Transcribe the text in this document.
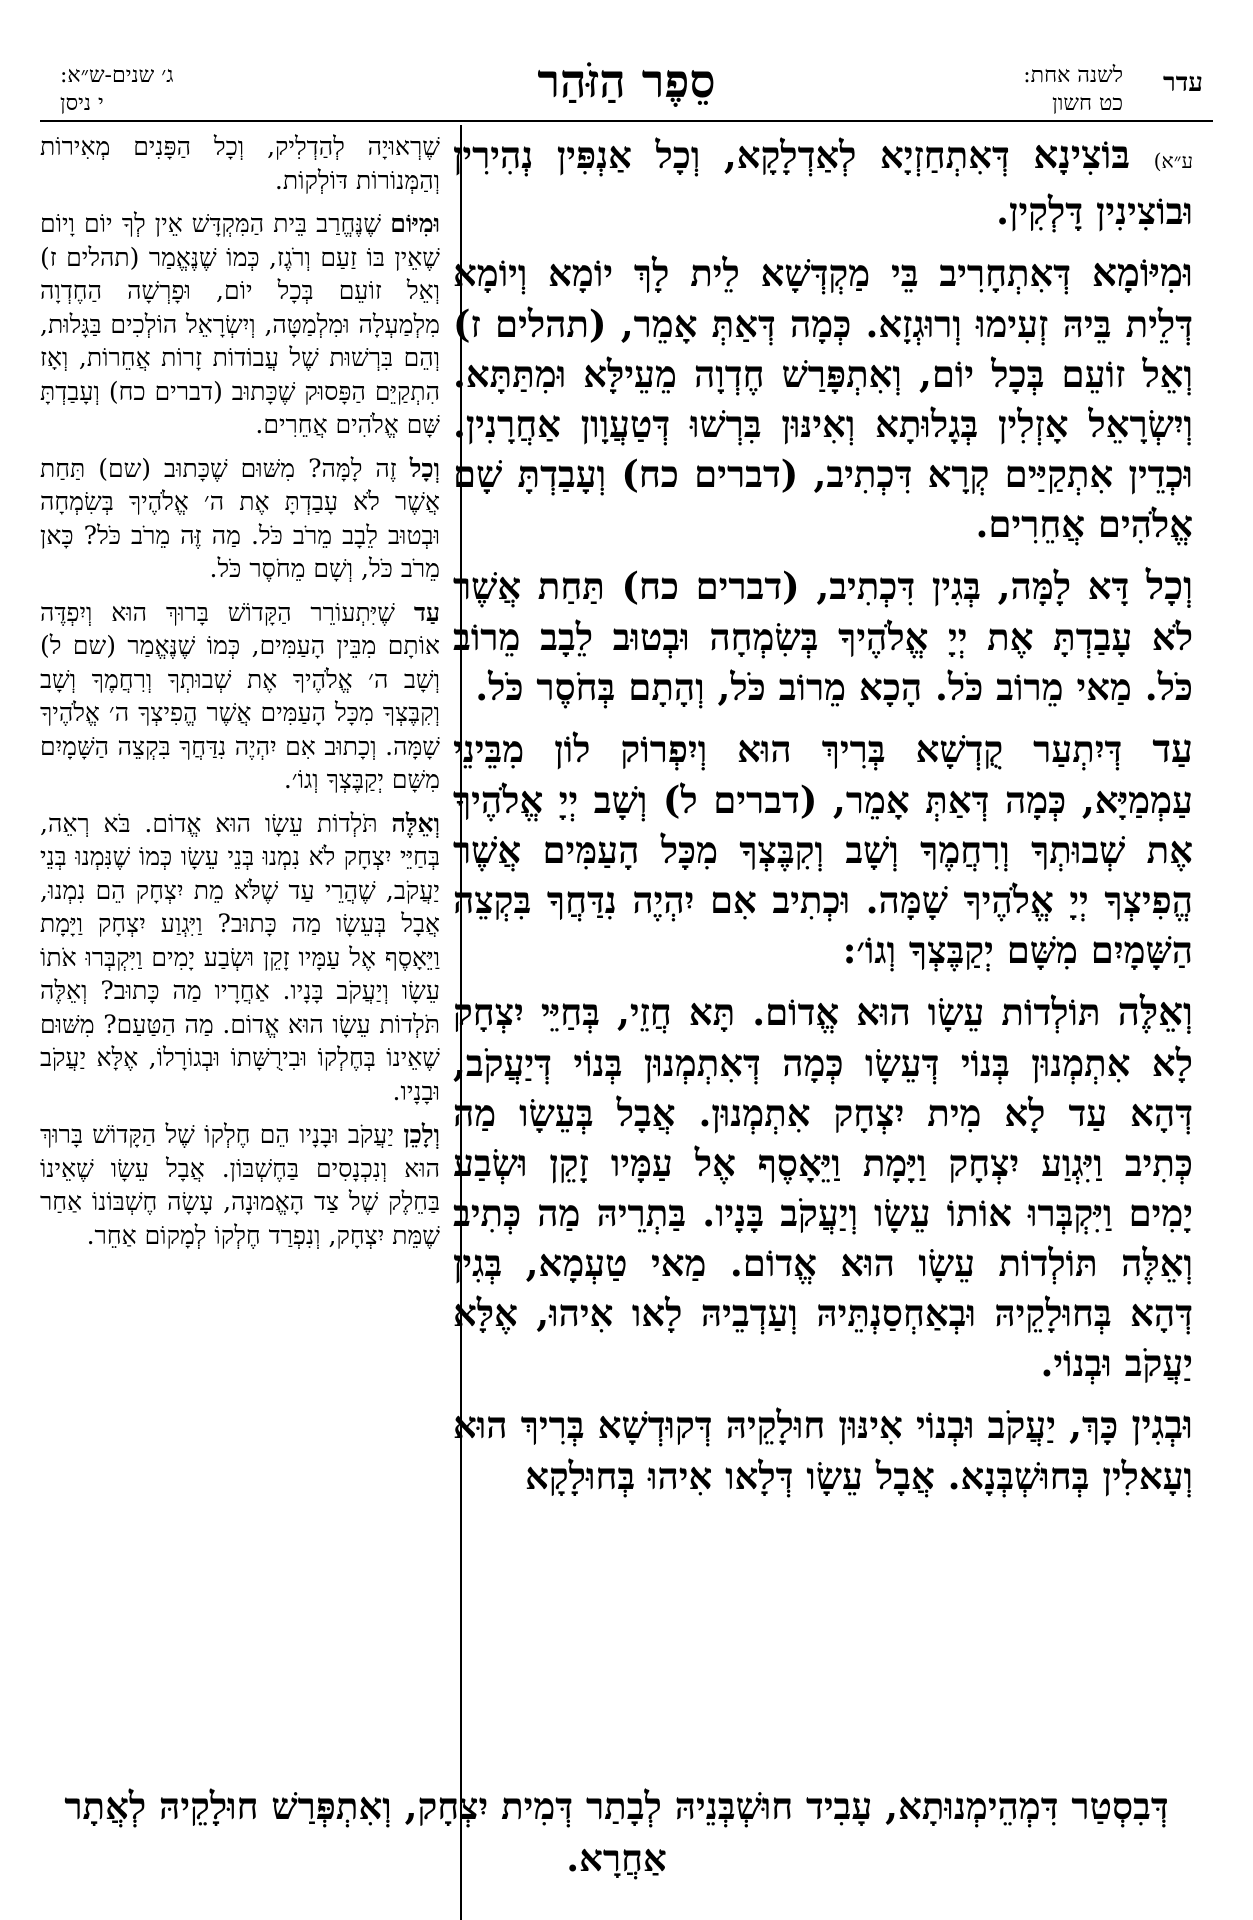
עדר
לשנה אחת:
כט חשון
סֵפֶר הַזֹּהַר
ג׳ שנים-ש״א:
י ניסן

ע״א) בּוֹצִינָא דְּאִתְחַזְיָא לְאַדְלָקָא, וְכָל אַנְפִּין נְהִירִין וּבוֹצִינִין דָּלְקִין.

וּמִיּוֹמָא דְּאִתְחָרִיב בֵּי מַקְדְּשָׁא לֵית לָךְ יוֹמָא וְיוֹמָא דְּלֵית בֵּיהּ זְעִימוּ וְרוּגְזָא. כְּמָה דְּאַתְּ אָמֵר, (תהלים ז) וְאֵל זוֹעֵם בְּכָל יוֹם, וְאִתְפָּרַשׁ חֶדְוָה מֵעֵילָּא וּמִתַּתָּא. וְיִשְׂרָאֵל אָזְלִין בְּגָלוּתָא וְאִינּוּן בִּרְשׁוּ דְּטַעֲוָון אַחֲרָנִין. וּכְדֵין אִתְקַיַּים קְרָא דִּכְתִיב, (דברים כח) וְעָבַדְתָּ שָׁם אֱלֹהִים אֲחֵרִים.

וְכָל דָּא לָמָּה, בְּגִין דִּכְתִיב, (דברים כח) תַּחַת אֲשֶׁר לֹא עָבַדְתָּ אֶת יְיָ אֱלֹהֶיךָ בְּשִׂמְחָה וּבְטוּב לֵבָב מֵרוֹב כֹּל. מַאי מֵרוֹב כֹּל. הָכָא מֵרוֹב כֹּל, וְהָתָם בְּחֹסֶר כֹּל.

עַד דְּיִתְעַר קֻדְשָׁא בְּרִיךְ הוּא וְיִפְרוֹק לוֹן מִבֵּינֵי עַמְמַיָּא, כְּמָה דְּאַתְּ אָמֵר, (דברים ל) וְשָׁב יְיָ אֱלֹהֶיךָ אֶת שְׁבוּתְךָ וְרִחֲמֶךָ וְשָׁב וְקִבֶּצְךָ מִכָּל הָעַמִּים אֲשֶׁר הֱפִיצְךָ יְיָ אֱלֹהֶיךָ שָׁמָּה. וּכְתִיב אִם יִהְיֶה נִדַּחֲךָ בִּקְצֵה הַשָּׁמָיִם מִשָּׁם יְקַבֶּצְךָ וְגוֹ׳:

וְאֵלֶּה תּוֹלְדוֹת עֵשָׂו הוּא אֱדוֹם. תָּא חֲזֵי, בְּחַיֵּי יִצְחָק לָא אִתְמְנוּן בְּנוֹי דְּעֵשָׂו כְּמָה דְּאִתְמְנוּן בְּנוֹי דְּיַעֲקֹב, דְּהָא עַד לָא מִית יִצְחָק אִתְמְנוּן. אֲבָל בְּעֵשָׂו מַה כְּתִיב וַיִּגְוַע יִצְחָק וַיָּמָת וַיֵּאָסֶף אֶל עַמָּיו זָקֵן וּשְׂבַע יָמִים וַיִּקְבְּרוּ אוֹתוֹ עֵשָׂו וְיַעֲקֹב בָּנָיו. בַּתְרֵיהּ מַה כְּתִיב וְאֵלֶּה תּוֹלְדוֹת עֵשָׂו הוּא אֱדוֹם. מַאי טַעְמָא, בְּגִין דְּהָא בְּחוּלָקֵיהּ וּבְאַחְסַנְתֵּיהּ וְעַדְבֵיהּ לָאו אִיהוּ, אֶלָּא יַעֲקֹב וּבְנוֹי.

וּבְגִין כָּךְ, יַעֲקֹב וּבְנוֹי אִינּוּן חוּלָקֵיהּ דְּקוּדְשָׁא בְּרִיךְ הוּא וְעָאלִין בְּחוּשְׁבְּנָא. אֲבָל עֵשָׂו דְּלָאו אִיהוּ בְּחוּלָקָא

שֶׁרְאוּיָה לְהַדְלִיק, וְכָל הַפָּנִים מְאִירוֹת וְהַמְּנוֹרוֹת דּוֹלְקוֹת.

וּמִיּוֹם שֶׁנֶּחֱרַב בֵּית הַמִּקְדָּשׁ אֵין לְךָ יוֹם וָיוֹם שֶׁאֵין בּוֹ זַעַם וְרֹגֶז, כְּמוֹ שֶׁנֶּאֱמַר (תהלים ז) וְאֵל זוֹעֵם בְּכָל יוֹם, וּפָרְשָׁה הַחֶדְוָה מִלְמַעְלָה וּמִלְמַטָּה, וְיִשְׂרָאֵל הוֹלְכִים בַּגָּלוּת, וְהֵם בִּרְשׁוּת שֶׁל עֲבוֹדוֹת זָרוֹת אֲחֵרוֹת, וְאָז הִתְקַיֵּם הַפָּסוּק שֶׁכָּתוּב (דברים כח) וְעָבַדְתָּ שָּׁם אֱלֹהִים אֲחֵרִים.

וְכָל זֶה לָמָּה? מִשּׁוּם שֶׁכָּתוּב (שם) תַּחַת אֲשֶׁר לֹא עָבַדְתָּ אֶת ה׳ אֱלֹהֶיךָ בְּשִׂמְחָה וּבְטוּב לֵבָב מֵרֹב כֹּל. מַה זֶּה מֵרֹב כֹּל? כָּאן מֵרֹב כֹּל, וְשָׁם מֵחֹסֶר כֹּל.

עַד שֶׁיִּתְעוֹרֵר הַקָּדוֹשׁ בָּרוּךְ הוּא וְיִפְדֶּה אוֹתָם מִבֵּין הָעַמִּים, כְּמוֹ שֶׁנֶּאֱמַר (שם ל) וְשָׁב ה׳ אֱלֹהֶיךָ אֶת שְׁבוּתְךָ וְרִחֲמֶךָ וְשָׁב וְקִבֶּצְךָ מִכָּל הָעַמִּים אֲשֶׁר הֱפִיצְךָ ה׳ אֱלֹהֶיךָ שָׁמָּה. וְכָתוּב אִם יִהְיֶה נִדַּחֲךָ בִּקְצֵה הַשָּׁמָיִם מִשָּׁם יְקַבֶּצְךָ וְגוֹ׳.

וְאֵלֶּה תֹּלְדוֹת עֵשָׂו הוּא אֱדוֹם. בֹּא רְאֵה, בְּחַיֵּי יִצְחָק לֹא נִמְנוּ בְּנֵי עֵשָׂו כְּמוֹ שֶׁנִּמְנוּ בְּנֵי יַעֲקֹב, שֶׁהֲרֵי עַד שֶׁלֹּא מֵת יִצְחָק הֵם נִמְנוּ, אֲבָל בְּעֵשָׂו מַה כָּתוּב? וַיִּגְוַע יִצְחָק וַיָּמָת וַיֵּאָסֶף אֶל עַמָּיו זָקֵן וּשְׂבַע יָמִים וַיִּקְבְּרוּ אֹתוֹ עֵשָׂו וְיַעֲקֹב בָּנָיו. אַחֲרָיו מַה כָּתוּב? וְאֵלֶּה תֹּלְדוֹת עֵשָׂו הוּא אֱדוֹם. מַה הַטַּעַם? מִשּׁוּם שֶׁאֵינוֹ בְּחֶלְקוֹ וּבִירֻשָּׁתוֹ וּבְגוֹרָלוֹ, אֶלָּא יַעֲקֹב וּבָנָיו.

וְלָכֵן יַעֲקֹב וּבָנָיו הֵם חֶלְקוֹ שֶׁל הַקָּדוֹשׁ בָּרוּךְ הוּא וְנִכְנָסִים בַּחֶשְׁבּוֹן. אֲבָל עֵשָׂו שֶׁאֵינוֹ בַּחֵלֶק שֶׁל צַד הָאֱמוּנָה, עָשָׂה חֶשְׁבּוֹנוֹ אַחַר שֶׁמֵּת יִצְחָק, וְנִפְרַד חֶלְקוֹ לְמָקוֹם אַחֵר.

דְּבִסְטַר דִּמְהֵימְנוּתָא, עָבִיד חוּשְׁבְּנֵיהּ לְבָתַר דְּמִית יִצְחָק, וְאִתְפְּרַשׁ חוּלָקֵיהּ לְאֲתָר אַחֲרָא.
